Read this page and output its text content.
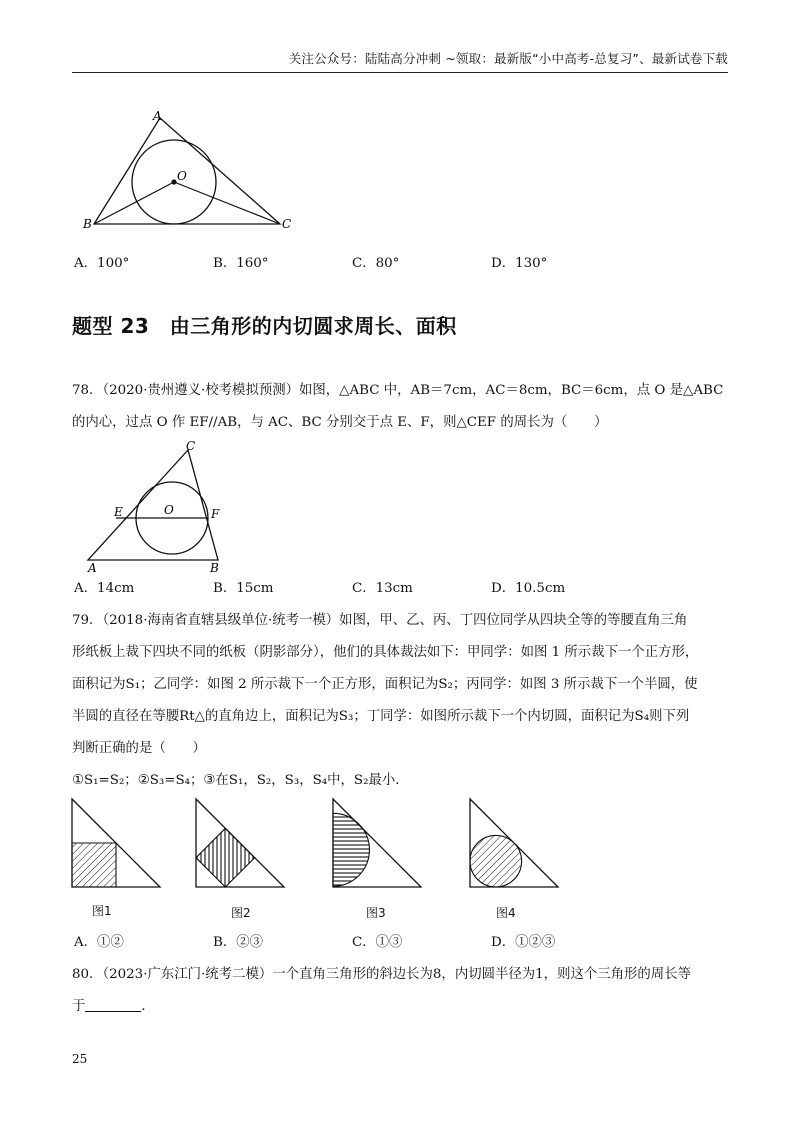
关注公众号：陆陆高分冲刺 ~领取：最新版“小中高考-总复习”、最新试卷下载
A
B	C
O
A．100°	B．160°	C．80°	D．130°
题型 23　由三角形的内切圆求周长、面积
78．（2020·贵州遵义·校考模拟预测）如图，△ABC 中，AB＝7cm，AC＝8cm，BC＝6cm，点 O 是△ABC
的内心，过点 O 作 EF//AB，与 AC、BC 分别交于点 E、F，则△CEF 的周长为（　　）
C
E	O	F
A	B
A．14cm	B．15cm	C．13cm	D．10.5cm
79．（2018·海南省直辖县级单位·统考一模）如图，甲、乙、丙、丁四位同学从四块全等的等腰直角三角
形纸板上裁下四块不同的纸板（阴影部分），他们的具体裁法如下：甲同学：如图 1 所示裁下一个正方形，
面积记为S₁；乙同学：如图 2 所示裁下一个正方形，面积记为S₂；丙同学：如图 3 所示裁下一个半圆，使
半圆的直径在等腰Rt△的直角边上，面积记为S₃；丁同学：如图所示裁下一个内切圆，面积记为S₄则下列
判断正确的是（　　）
①S₁=S₂；②S₃=S₄；③在S₁，S₂，S₃，S₄中，S₂最小．
图1	图2	图3	图4
A．①②	B．②③	C．①③	D．①②③
80．（2023·广东江门·统考二模）一个直角三角形的斜边长为8，内切圆半径为1，则这个三角形的周长等
于	．
25
